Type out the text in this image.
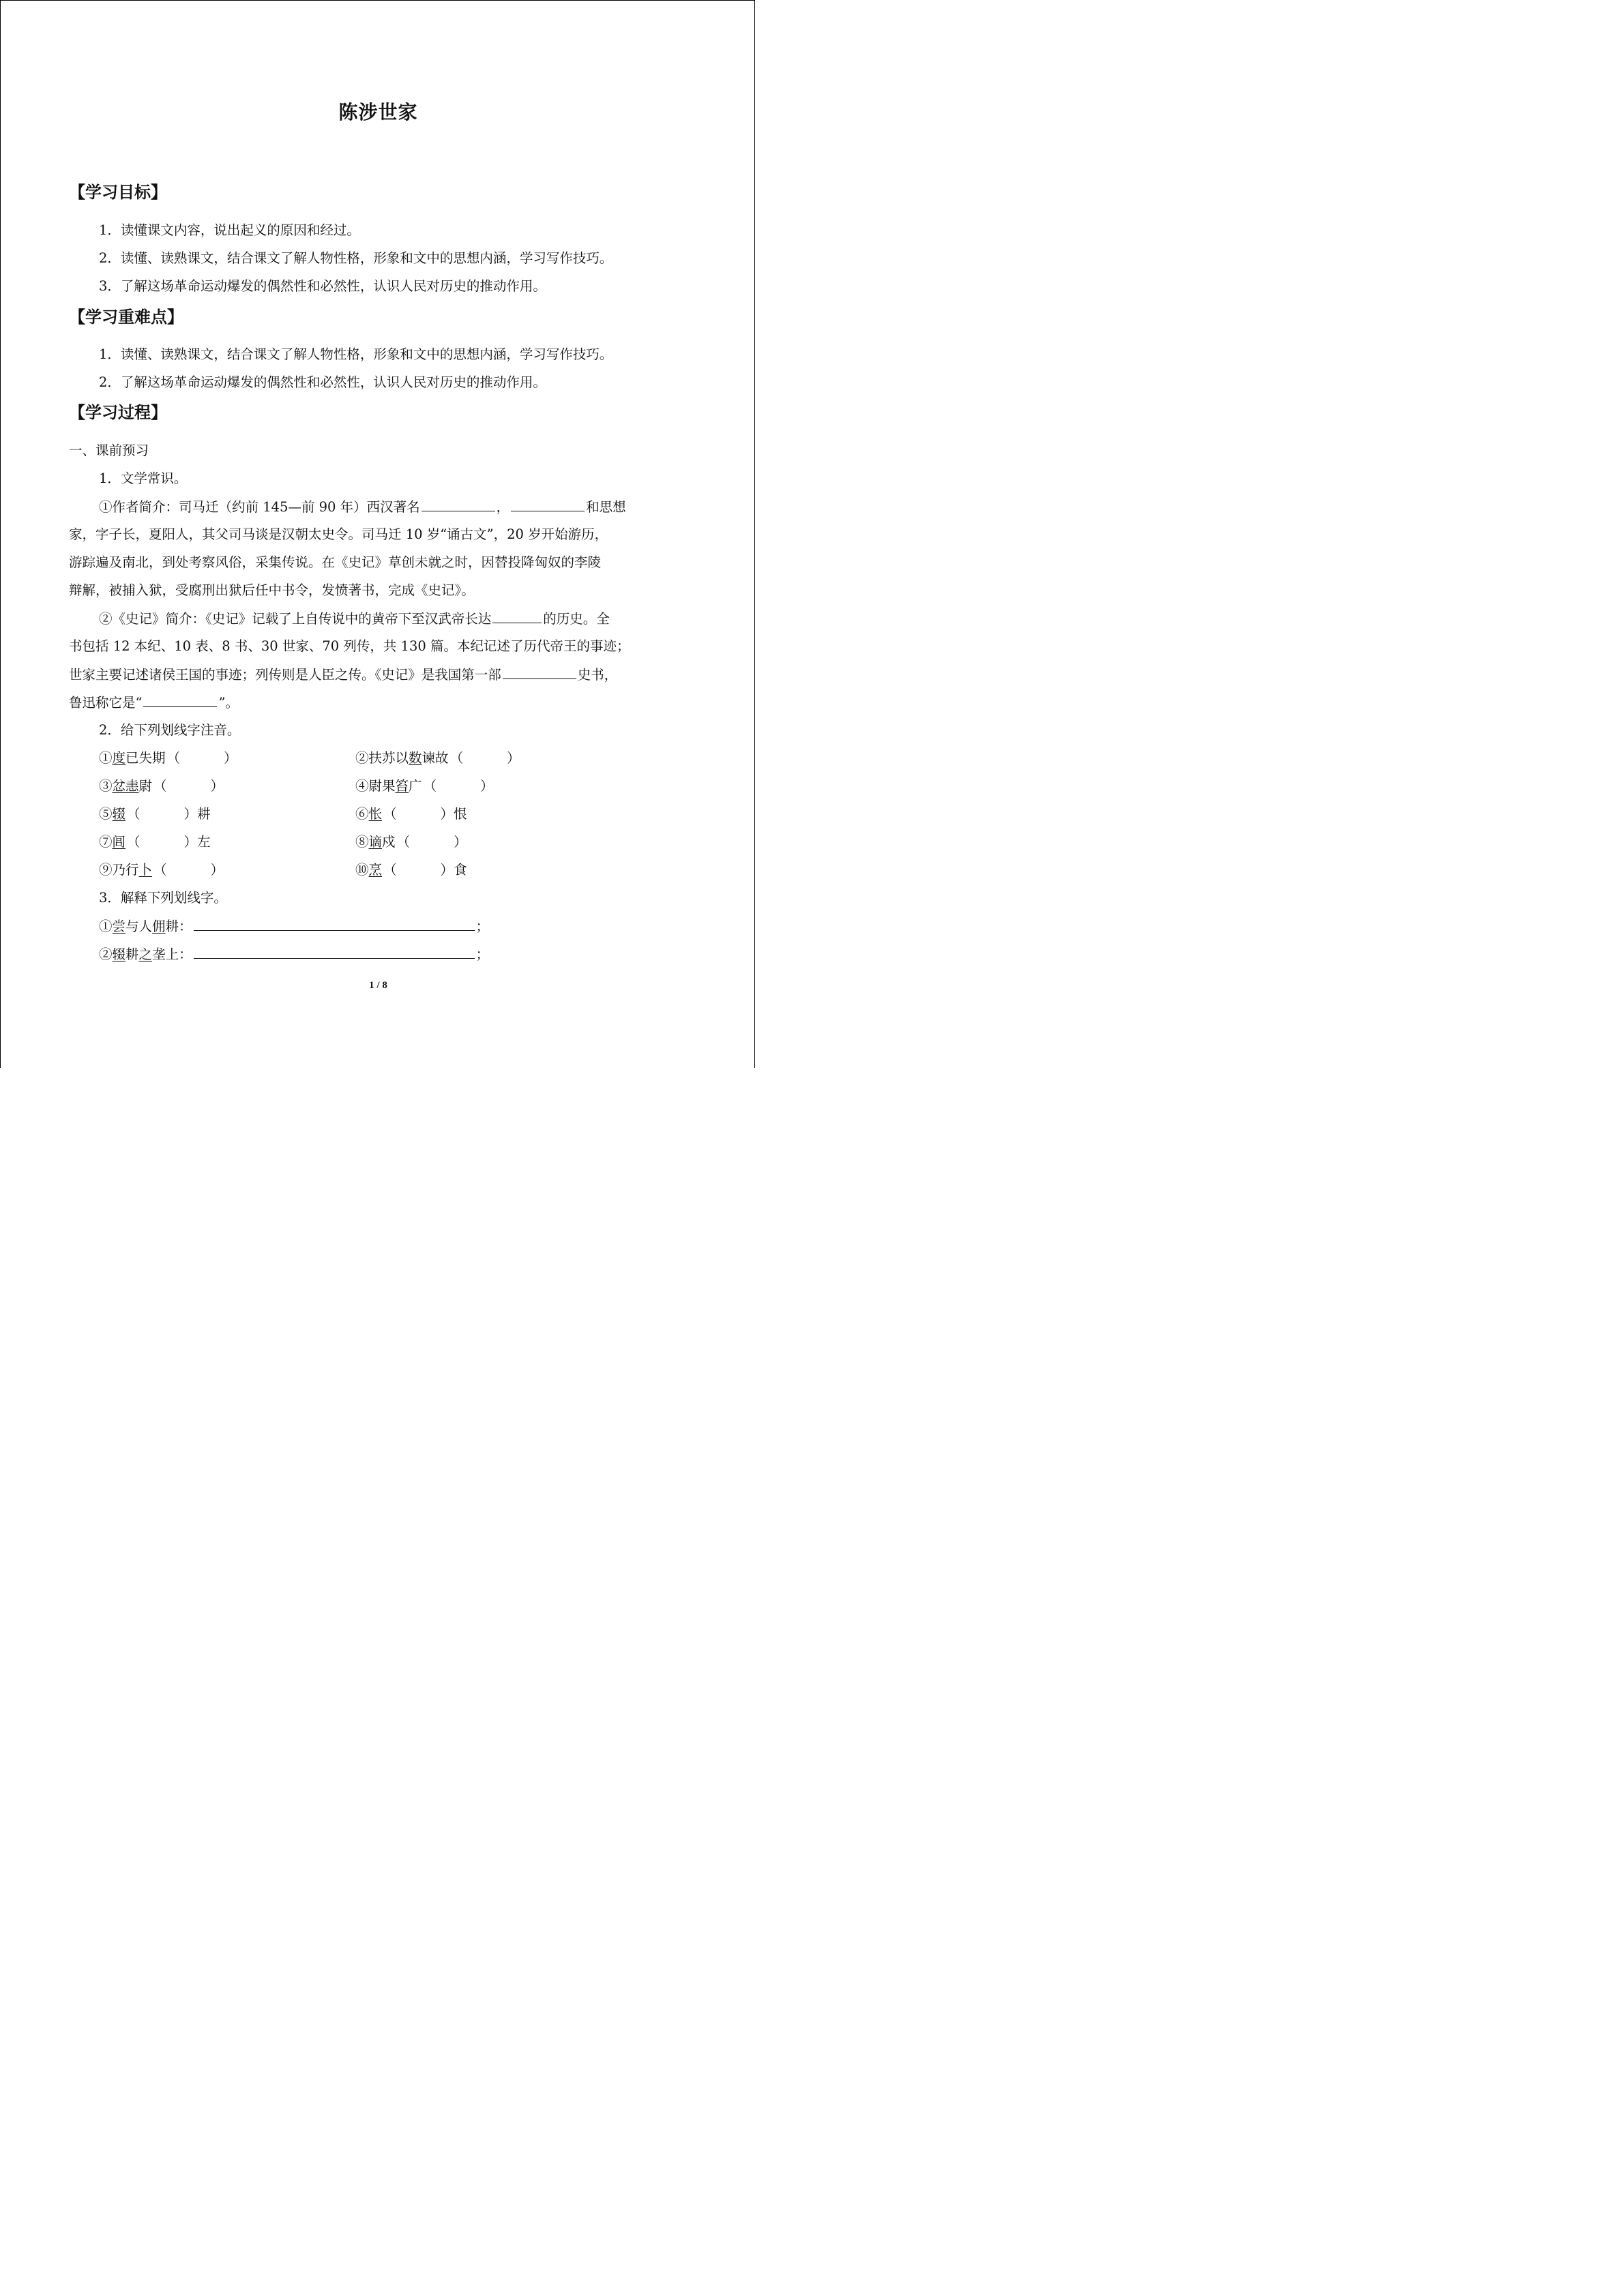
陈涉世家
【学习目标】
1．读懂课文内容，说出起义的原因和经过。
2．读懂、读熟课文，结合课文了解人物性格，形象和文中的思想内涵，学习写作技巧。
3．了解这场革命运动爆发的偶然性和必然性，认识人民对历史的推动作用。
【学习重难点】
1．读懂、读熟课文，结合课文了解人物性格，形象和文中的思想内涵，学习写作技巧。
2．了解这场革命运动爆发的偶然性和必然性，认识人民对历史的推动作用。
【学习过程】
一、课前预习
1．文学常识。
①作者简介：司马迁（约前 145—前 90 年）西汉著名	，	和思想
家，字子长，夏阳人，其父司马谈是汉朝太史令。司马迁 10 岁“诵古文”，20 岁开始游历，
游踪遍及南北，到处考察风俗，采集传说。在《史记》草创未就之时，因替投降匈奴的李陵
辩解，被捕入狱，受腐刑出狱后任中书令，发愤著书，完成《史记》。
②《史记》简介：《史记》记载了上自传说中的黄帝下至汉武帝长达	的历史。全
书包括 12 本纪、10 表、8 书、30 世家、70 列传，共 130 篇。本纪记述了历代帝王的事迹；
世家主要记述诸侯王国的事迹；列传则是人臣之传。《史记》是我国第一部	史书，
鲁迅称它是“	”。
2．给下列划线字注音。
①度已失期 （	）	②扶苏以数谏故 （	）
③忿恚尉 （	）	④尉果笞广 （	）
⑤辍 （	）耕	⑥怅 （	）恨
⑦闾 （	）左	⑧谪戍 （	）
⑨乃行卜 （	）	⑩烹 （	）食
3．解释下列划线字。
①尝与人佣耕：	；
②辍耕之垄上：	；
1 / 8
